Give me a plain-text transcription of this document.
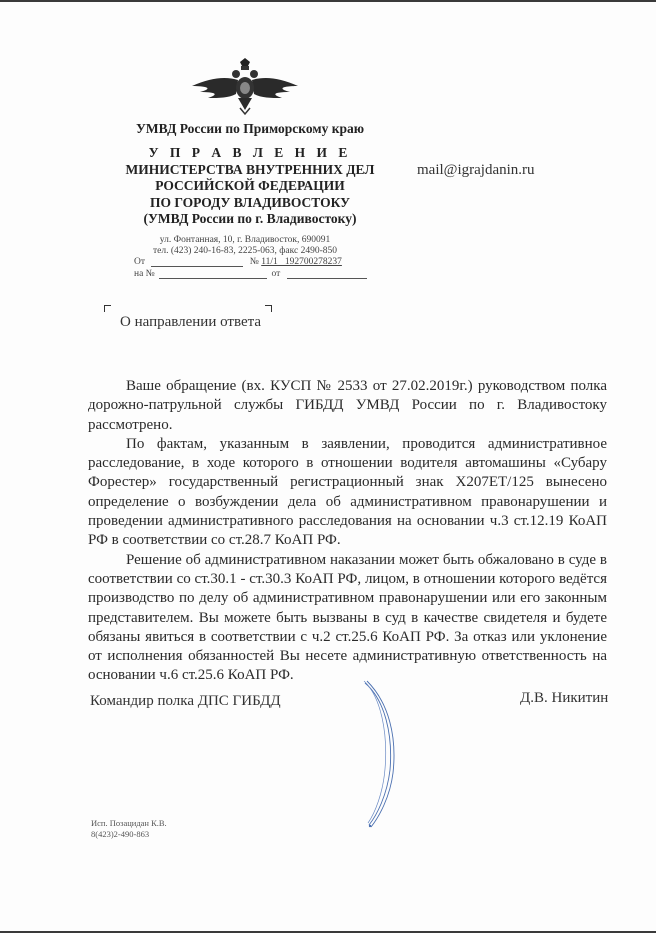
УМВД России по Приморскому краю
У П Р А В Л Е Н И Е
МИНИСТЕРСТВА ВНУТРЕННИХ ДЕЛ
РОССИЙСКОЙ ФЕДЕРАЦИИ
ПО ГОРОДУ ВЛАДИВОСТОКУ
(УМВД России по г. Владивостоку)
mail@igrajdanin.ru
ул. Фонтанная, 10, г. Владивосток, 690091
тел. (423) 240-16-83, 2225-063, факс 2490-850
От	№ 11/1   192700278237
на №	от
О направлении ответа

Ваше обращение (вх. КУСП № 2533 от 27.02.2019г.) руководством полка дорожно-патрульной службы ГИБДД УМВД России по г. Владивостоку рассмотрено.

По фактам, указанным в заявлении, проводится административное расследование, в ходе которого в отношении водителя автомашины «Субару Форестер» государственный регистрационный знак Х207ЕТ/125 вынесено определение о возбуждении дела об административном правонарушении и проведении административного расследования на основании ч.3 ст.12.19 КоАП РФ в соответствии со ст.28.7 КоАП РФ.

Решение об административном наказании может быть обжаловано в суде в соответствии со ст.30.1 - ст.30.3 КоАП РФ, лицом, в отношении которого ведётся производство по делу об административном правонарушении или его законным представителем. Вы можете быть вызваны в суд в качестве свидетеля и будете обязаны явиться в соответствии с ч.2 ст.25.6 КоАП РФ. За отказ или уклонение от исполнения обязанностей Вы несете административную ответственность на основании ч.6 ст.25.6 КоАП РФ.

Командир полка ДПС ГИБДД	Д.В. Никитин
Исп. Позацидан К.В.
8(423)2-490-863
